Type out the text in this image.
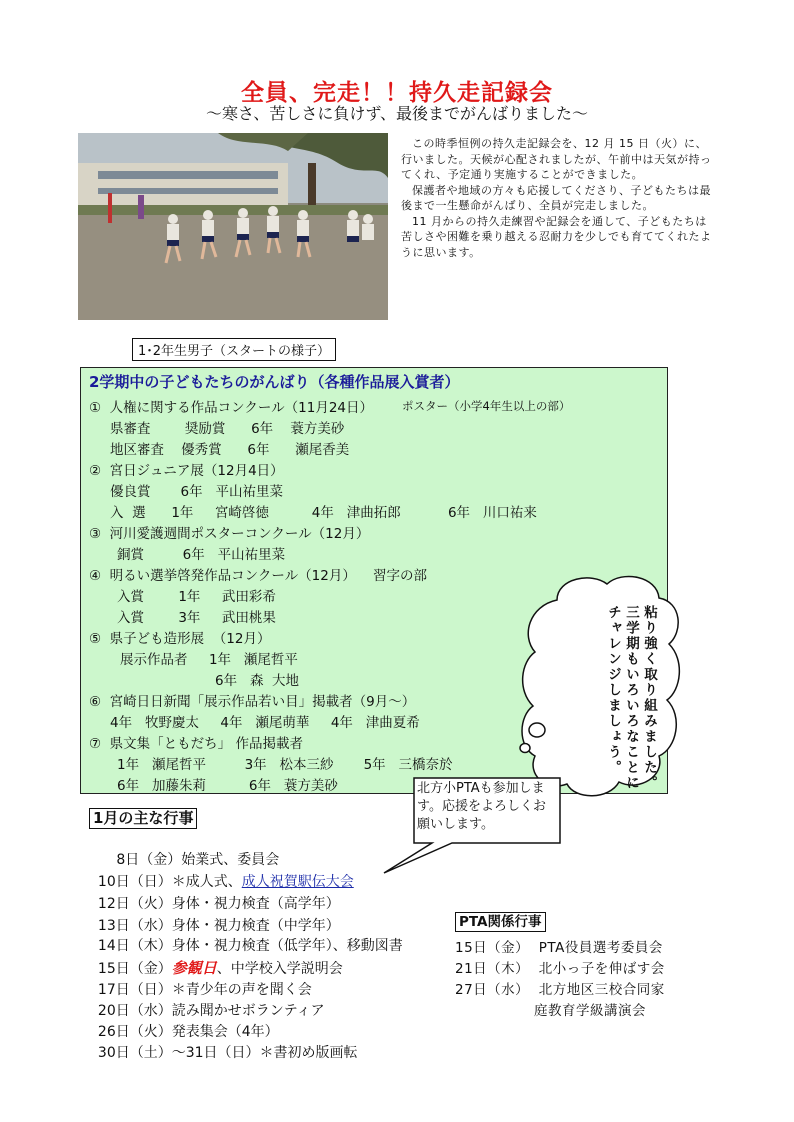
全員、完走！！持久走記録会
～寒さ、苦しさに負けず、最後までがんばりました～

この時季恒例の持久走記録会を、12 月 15 日（火）に、行いました。天候が心配されましたが、午前中は天気が持ってくれ、予定通り実施することができました。

保護者や地域の方々も応援してくださり、子どもたちは最後まで一生懸命がんばり、全員が完走しました。

11 月からの持久走練習や記録会を通して、子どもたちは苦しさや困難を乗り越える忍耐力を少しでも育ててくれたように思います。

1･2年生男子（スタートの様子）
2学期中の子どもたちのがんばり（各種作品展入賞者）
①  人権に関する作品コンクール（11月24日）	ポスター（小学4年生以上の部）
県審査        奨励賞      6年    蓑方美砂
地区審査    優秀賞      6年      瀬尾香美
②  宮日ジュニア展（12月4日）
優良賞       6年   平山祐里菜
入  選      1年     宮崎啓徳          4年   津曲拓郎           6年   川口祐来
③  河川愛護週間ポスターコンクール（12月）
銅賞         6年   平山祐里菜
④  明るい選挙啓発作品コンクール（12月）    習字の部
入賞        1年     武田彩希
入賞        3年     武田桃果
⑤  県子ども造形展  （12月）
展示作品者     1年   瀬尾哲平
6年   森  大地
⑥  宮崎日日新聞「展示作品若い目」掲載者（9月～）
4年   牧野慶太     4年   瀬尾萌華     4年   津曲夏希
⑦  県文集「ともだち」 作品掲載者
1年   瀬尾哲平         3年   松本三紗       5年   三橋奈於
6年   加藤朱莉          6年   蓑方美砂	粘り強く取り組みました。三学期もいろいろなことにチャレンジしましょう。
北方小PTAも参加します。応援をよろしくお願いします。
1月の主な行事

8日（金）始業式、委員会

10日（日）＊成人式、成人祝賀駅伝大会

12日（火）身体・視力検査（高学年）

13日（水）身体・視力検査（中学年）

14日（木）身体・視力検査（低学年）、移動図書

15日（金）参観日、中学校入学説明会

17日（日）＊青少年の声を聞く会

20日（水）読み聞かせボランティア

26日（火）発表集会（4年）

30日（土）～31日（日）＊書初め版画転

PTA関係行事
15日（金）  PTA役員選考委員会
21日（木）  北小っ子を伸ばす会
27日（水）  北方地区三校合同家
庭教育学級講演会
